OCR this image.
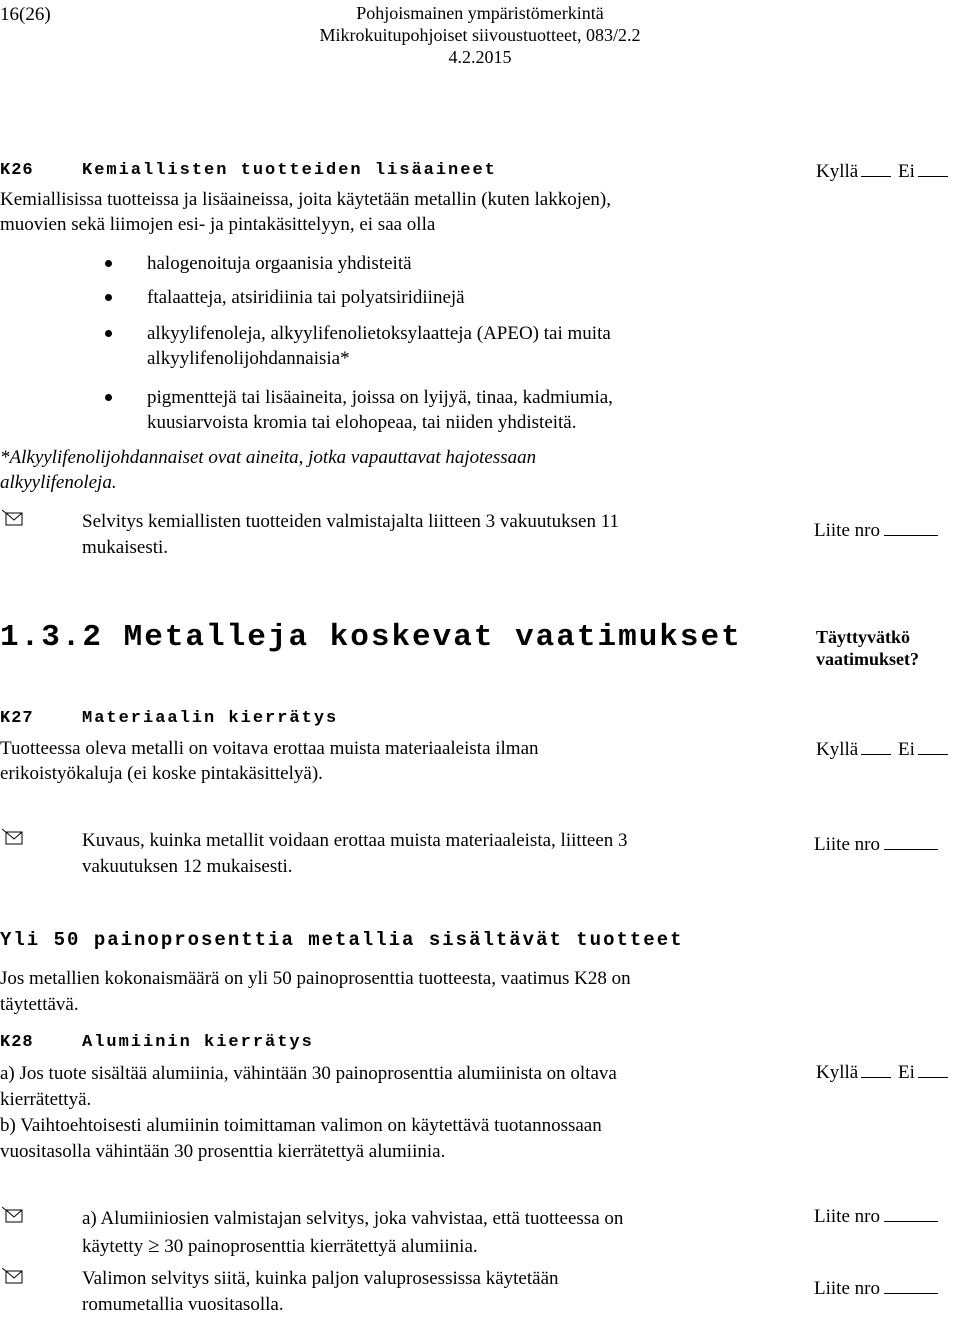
16(26)	Pohjoismainen ympäristömerkintä
Mikrokuitupohjoiset siivoustuotteet, 083/2.2
4.2.2015
K26	Kemiallisten tuotteiden lisäaineet	Kyllä Ei
Kemiallisissa tuotteissa ja lisäaineissa, joita käytetään metallin (kuten lakkojen),
muovien sekä liimojen esi- ja pintakäsittelyyn, ei saa olla
halogenoituja orgaanisia yhdisteitä
ftalaatteja, atsiridiinia tai polyatsiridiinejä
alkyylifenoleja, alkyylifenolietoksylaatteja (APEO) tai muita
alkyylifenolijohdannaisia*
pigmenttejä tai lisäaineita, joissa on lyijyä, tinaa, kadmiumia,
kuusiarvoista kromia tai elohopeaa, tai niiden yhdisteitä.
*Alkyylifenolijohdannaiset ovat aineita, jotka vapauttavat hajotessaan
alkyylifenoleja.
Selvitys kemiallisten tuotteiden valmistajalta liitteen 3 vakuutuksen 11
mukaisesti.
Liite nro
1.3.2 Metalleja koskevat vaatimukset	Täyttyvätkö
vaatimukset?
K27	Materiaalin kierrätys
Tuotteessa oleva metalli on voitava erottaa muista materiaaleista ilman
erikoistyökaluja (ei koske pintakäsittelyä).
Kyllä Ei
Kuvaus, kuinka metallit voidaan erottaa muista materiaaleista, liitteen 3
vakuutuksen 12 mukaisesti.
Liite nro
Yli 50 painoprosenttia metallia sisältävät tuotteet
Jos metallien kokonaismäärä on yli 50 painoprosenttia tuotteesta, vaatimus K28 on
täytettävä.
K28	Alumiinin kierrätys
Kyllä Ei
a) Jos tuote sisältää alumiinia, vähintään 30 painoprosenttia alumiinista on oltava
kierrätettyä.
b) Vaihtoehtoisesti alumiinin toimittaman valimon on käytettävä tuotannossaan
vuositasolla vähintään 30 prosenttia kierrätettyä alumiinia.
a) Alumiiniosien valmistajan selvitys, joka vahvistaa, että tuotteessa on
käytetty ≥ 30 painoprosenttia kierrätettyä alumiinia.
Liite nro
Valimon selvitys siitä, kuinka paljon valuprosessissa käytetään
romumetallia vuositasolla.
Liite nro
